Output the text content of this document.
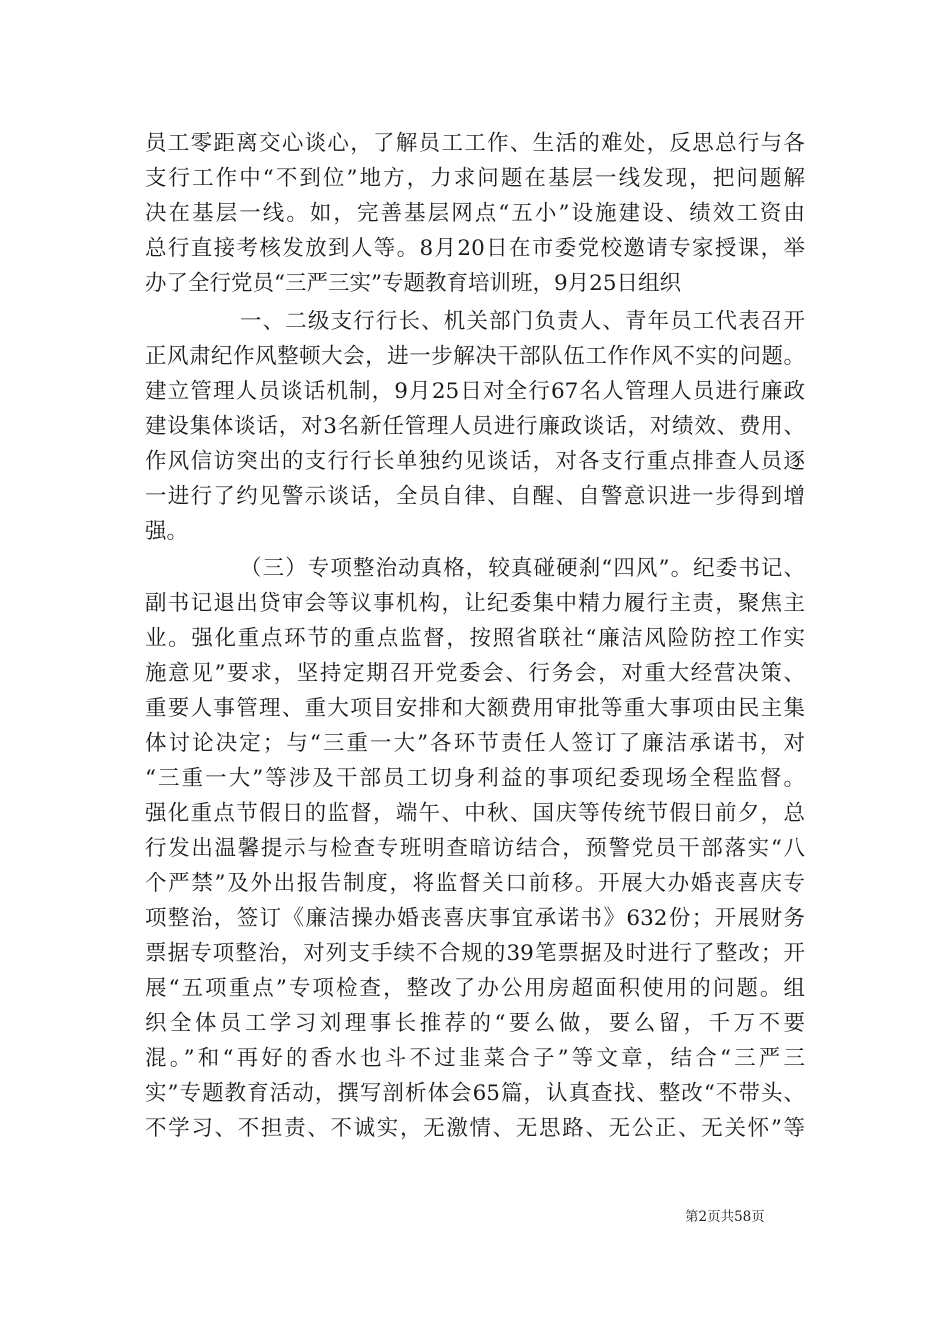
员工零距离交心谈心，了解员工工作、生活的难处，反思总行与各
支行工作中“不到位”地方，力求问题在基层一线发现，把问题解
决在基层一线。如，完善基层网点“五小”设施建设、绩效工资由
总行直接考核发放到人等。8月20日在市委党校邀请专家授课，举
办了全行党员“三严三实”专题教育培训班，9月25日组织
一、二级支行行长、机关部门负责人、青年员工代表召开
正风肃纪作风整顿大会，进一步解决干部队伍工作作风不实的问题。
建立管理人员谈话机制，9月25日对全行67名人管理人员进行廉政
建设集体谈话，对3名新任管理人员进行廉政谈话，对绩效、费用、
作风信访突出的支行行长单独约见谈话，对各支行重点排查人员逐
一进行了约见警示谈话，全员自律、自醒、自警意识进一步得到增
强。
（三）专项整治动真格，较真碰硬刹“四风”。纪委书记、
副书记退出贷审会等议事机构，让纪委集中精力履行主责，聚焦主
业。强化重点环节的重点监督，按照省联社“廉洁风险防控工作实
施意见”要求，坚持定期召开党委会、行务会，对重大经营决策、
重要人事管理、重大项目安排和大额费用审批等重大事项由民主集
体讨论决定；与“三重一大”各环节责任人签订了廉洁承诺书，对
“三重一大”等涉及干部员工切身利益的事项纪委现场全程监督。
强化重点节假日的监督，端午、中秋、国庆等传统节假日前夕，总
行发出温馨提示与检查专班明查暗访结合，预警党员干部落实“八
个严禁”及外出报告制度，将监督关口前移。开展大办婚丧喜庆专
项整治，签订《廉洁操办婚丧喜庆事宜承诺书》632份；开展财务
票据专项整治，对列支手续不合规的39笔票据及时进行了整改；开
展“五项重点”专项检查，整改了办公用房超面积使用的问题。组
织全体员工学习刘理事长推荐的“要么做，要么留，千万不要
混。”和“再好的香水也斗不过韭菜合子”等文章，结合“三严三
实”专题教育活动，撰写剖析体会65篇，认真查找、整改“不带头、
不学习、不担责、不诚实，无激情、无思路、无公正、无关怀”等
第2页共58页
